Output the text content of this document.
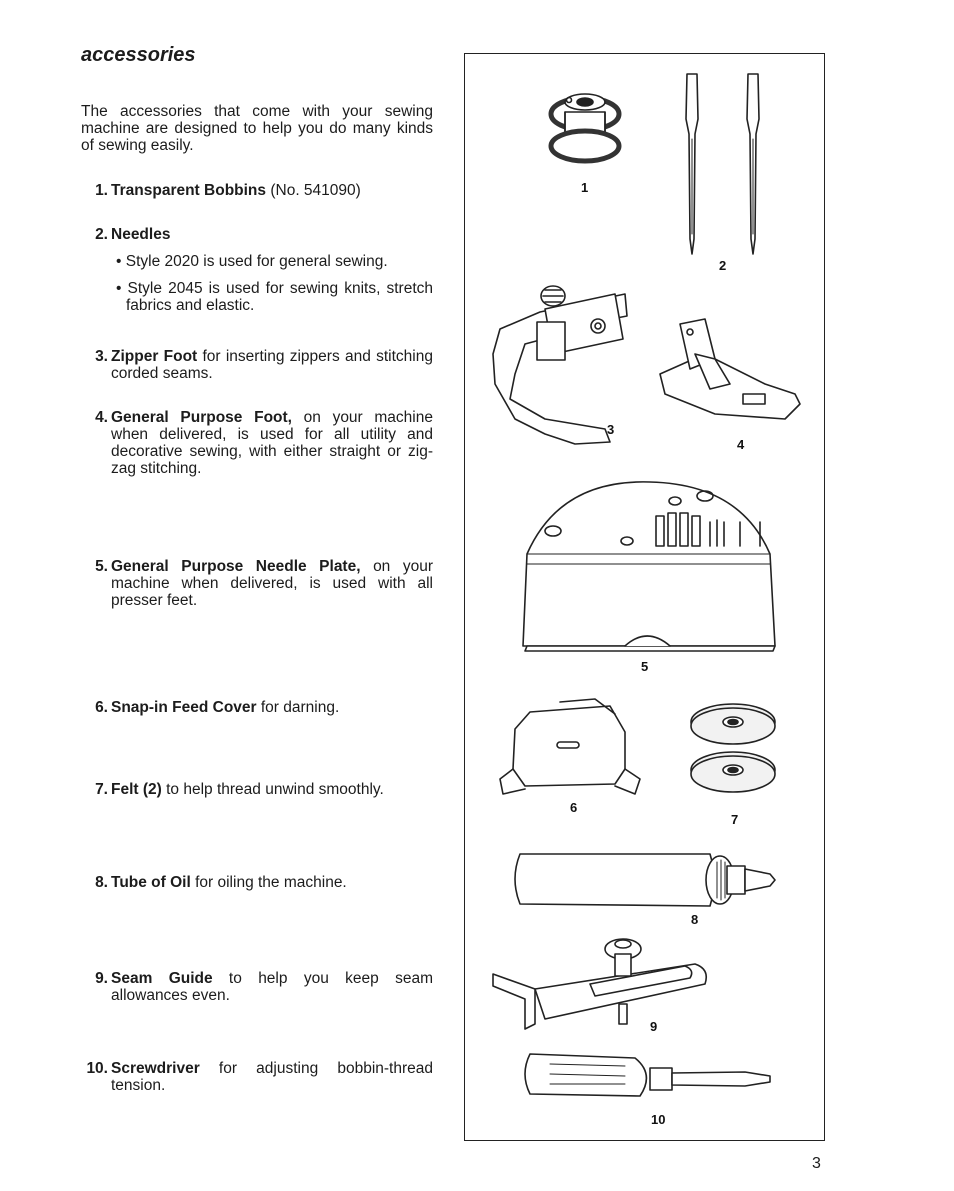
accessories

The accessories that come with your sewing machine are designed to help you do many kinds of sewing easily.

1. Transparent Bobbins (No. 541090)
2. Needles
• Style 2020 is used for general sewing.
• Style 2045 is used for sewing knits, stretch fabrics and elastic.
3. Zipper Foot for inserting zippers and stitching corded seams.
4. General Purpose Foot, on your machine when delivered, is used for all utility and decorative sewing, with either straight or zig-zag stitching.
5. General Purpose Needle Plate, on your machine when delivered, is used with all presser feet.
6. Snap-in Feed Cover for darning.
7. Felt (2) to help thread unwind smoothly.
8. Tube of Oil for oiling the machine.
9. Seam Guide to help you keep seam allowances even.
10. Screwdriver for adjusting bobbin-thread tension.
1
2
3
4
5
6
7
8
9
10
3
